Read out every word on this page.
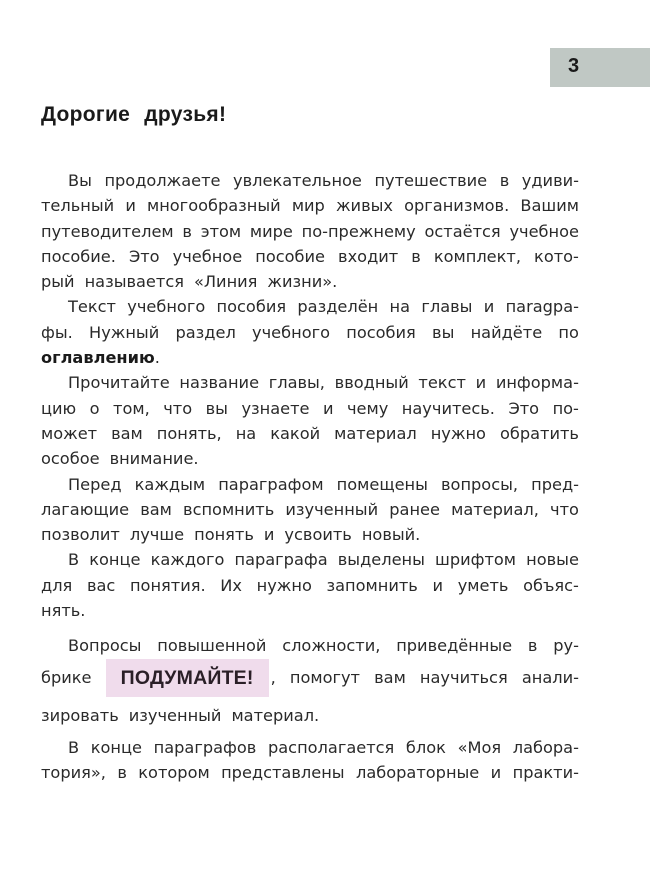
3
Дорогие друзья!
Вы продолжаете увлекательное путешествие в удиви-
тельный и многообразный мир живых организмов. Вашим
путеводителем в этом мире по-прежнему остаётся учебное
пособие. Это учебное пособие входит в комплект, кото-
рый называется «Линия жизни».
Текст учебного пособия разделён на главы и паragра-
фы. Нужный раздел учебного пособия вы найдёте по
оглавлению .
Прочитайте название главы, вводный текст и информа-
цию о том, что вы узнаете и чему научитесь. Это по-
может вам понять, на какой материал нужно обратить
особое внимание.
Перед каждым параграфом помещены вопросы, пред-
лагающие вам вспомнить изученный ранее материал, что
позволит лучше понять и усвоить новый.
В конце каждого параграфа выделены шрифтом новые
для вас понятия. Их нужно запомнить и уметь объяс-
нять.
Вопросы повышенной сложности, приведённые в ру-
брике	ПОДУМАЙТЕ!	, помогут вам научиться анали-
зировать изученный материал.
В конце параграфов располагается блок «Моя лабора-
тория», в котором представлены лабораторные и практи-
